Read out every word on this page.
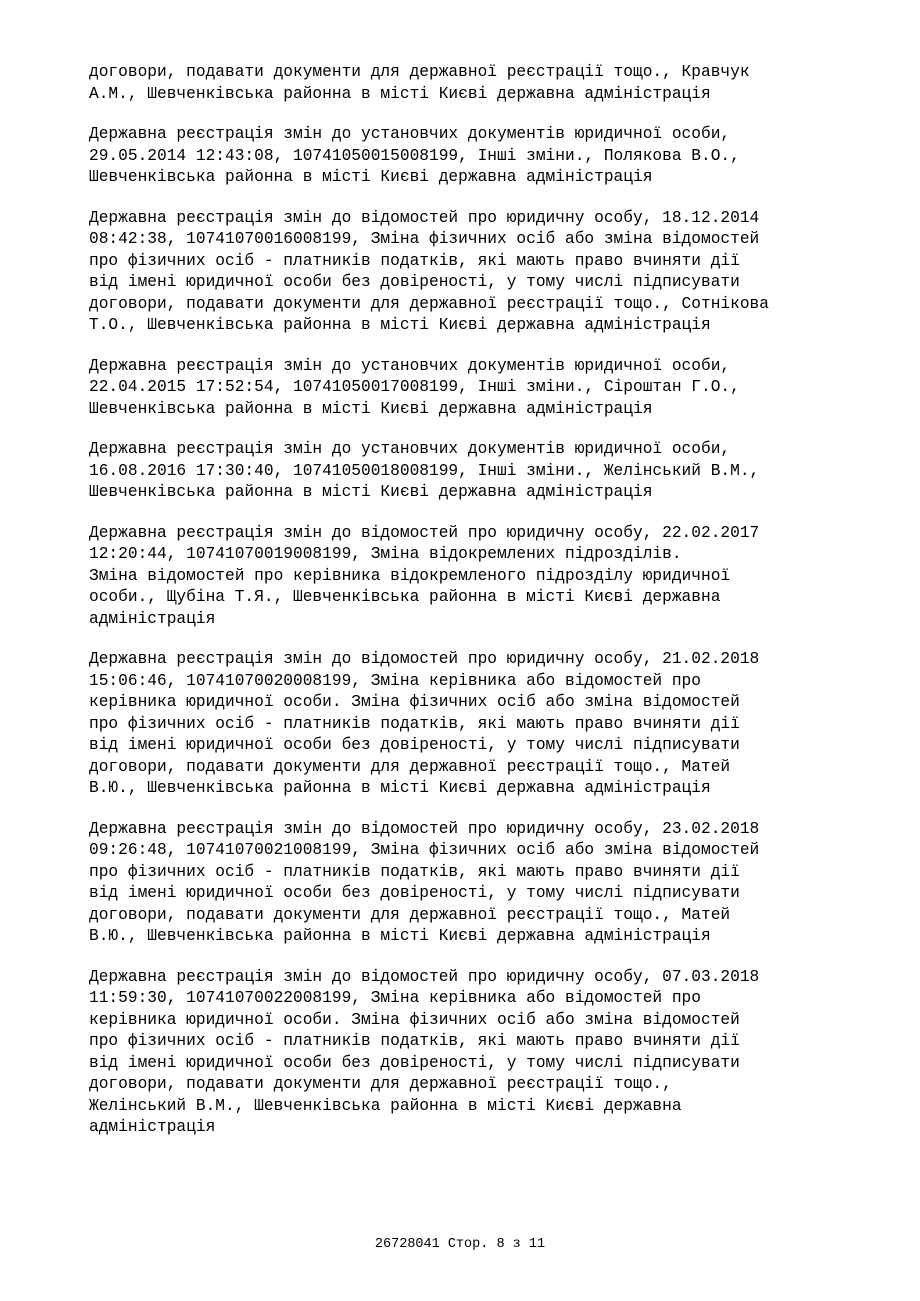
договори, подавати документи для державної реєстрації тощо., Кравчук
А.М., Шевченківська районна в місті Києві державна адміністрація
Державна реєстрація змін до установчих документів юридичної особи,
29.05.2014 12:43:08, 10741050015008199, Інші зміни., Полякова В.О.,
Шевченківська районна в місті Києві державна адміністрація
Державна реєстрація змін до відомостей про юридичну особу, 18.12.2014
08:42:38, 10741070016008199, Зміна фізичних осіб або зміна відомостей
про фізичних осіб - платників податків, які мають право вчиняти дії
від імені юридичної особи без довіреності, у тому числі підписувати
договори, подавати документи для державної реєстрації тощо., Сотнікова
Т.О., Шевченківська районна в місті Києві державна адміністрація
Державна реєстрація змін до установчих документів юридичної особи,
22.04.2015 17:52:54, 10741050017008199, Інші зміни., Сіроштан Г.О.,
Шевченківська районна в місті Києві державна адміністрація
Державна реєстрація змін до установчих документів юридичної особи,
16.08.2016 17:30:40, 10741050018008199, Інші зміни., Желінський В.М.,
Шевченківська районна в місті Києві державна адміністрація
Державна реєстрація змін до відомостей про юридичну особу, 22.02.2017
12:20:44, 10741070019008199, Зміна відокремлених підрозділів.
Зміна відомостей про керівника відокремленого підрозділу юридичної
особи., Щубіна Т.Я., Шевченківська районна в місті Києві державна
адміністрація
Державна реєстрація змін до відомостей про юридичну особу, 21.02.2018
15:06:46, 10741070020008199, Зміна керівника або відомостей про
керівника юридичної особи. Зміна фізичних осіб або зміна відомостей
про фізичних осіб - платників податків, які мають право вчиняти дії
від імені юридичної особи без довіреності, у тому числі підписувати
договори, подавати документи для державної реєстрації тощо., Матей
В.Ю., Шевченківська районна в місті Києві державна адміністрація
Державна реєстрація змін до відомостей про юридичну особу, 23.02.2018
09:26:48, 10741070021008199, Зміна фізичних осіб або зміна відомостей
про фізичних осіб - платників податків, які мають право вчиняти дії
від імені юридичної особи без довіреності, у тому числі підписувати
договори, подавати документи для державної реєстрації тощо., Матей
В.Ю., Шевченківська районна в місті Києві державна адміністрація
Державна реєстрація змін до відомостей про юридичну особу, 07.03.2018
11:59:30, 10741070022008199, Зміна керівника або відомостей про
керівника юридичної особи. Зміна фізичних осіб або зміна відомостей
про фізичних осіб - платників податків, які мають право вчиняти дії
від імені юридичної особи без довіреності, у тому числі підписувати
договори, подавати документи для державної реєстрації тощо.,
Желінський В.М., Шевченківська районна в місті Києві державна
адміністрація
26728041 Стор. 8 з 11
